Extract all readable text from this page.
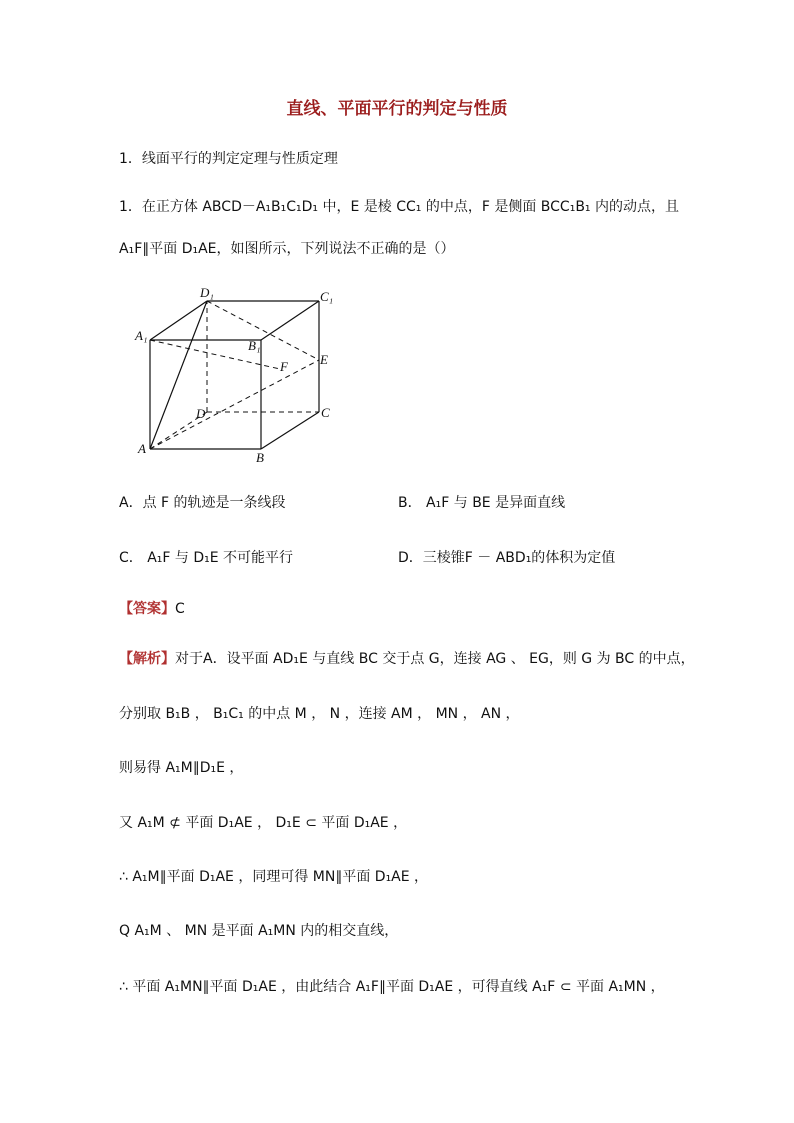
直线、平面平行的判定与性质
1．线面平行的判定定理与性质定理
1．在正方体 ABCD－A₁B₁C₁D₁ 中，E 是棱 CC₁ 的中点，F 是侧面 BCC₁B₁ 内的动点，且
A₁F∥平面 D₁AE，如图所示，下列说法不正确的是（）
A
B
C
D
A₁
B₁
C₁
D₁
E
F
A．点 F 的轨迹是一条线段	B． A₁F 与 BE 是异面直线
C． A₁F 与 D₁E 不可能平行	D．三棱锥F － ABD₁的体积为定值
【答案】C
【解析】对于A．设平面 AD₁E 与直线 BC 交于点 G，连接 AG 、 EG，则 G 为 BC 的中点，
分别取 B₁B ， B₁C₁ 的中点 M ， N ，连接 AM ， MN ， AN ，
则易得 A₁M∥D₁E ，
又 A₁M ⊄ 平面 D₁AE ， D₁E ⊂ 平面 D₁AE ，
∴ A₁M∥平面 D₁AE ，同理可得 MN∥平面 D₁AE ，
Q A₁M 、 MN 是平面 A₁MN 内的相交直线，
∴ 平面 A₁MN∥平面 D₁AE ，由此结合 A₁F∥平面 D₁AE ，可得直线 A₁F ⊂ 平面 A₁MN ，
